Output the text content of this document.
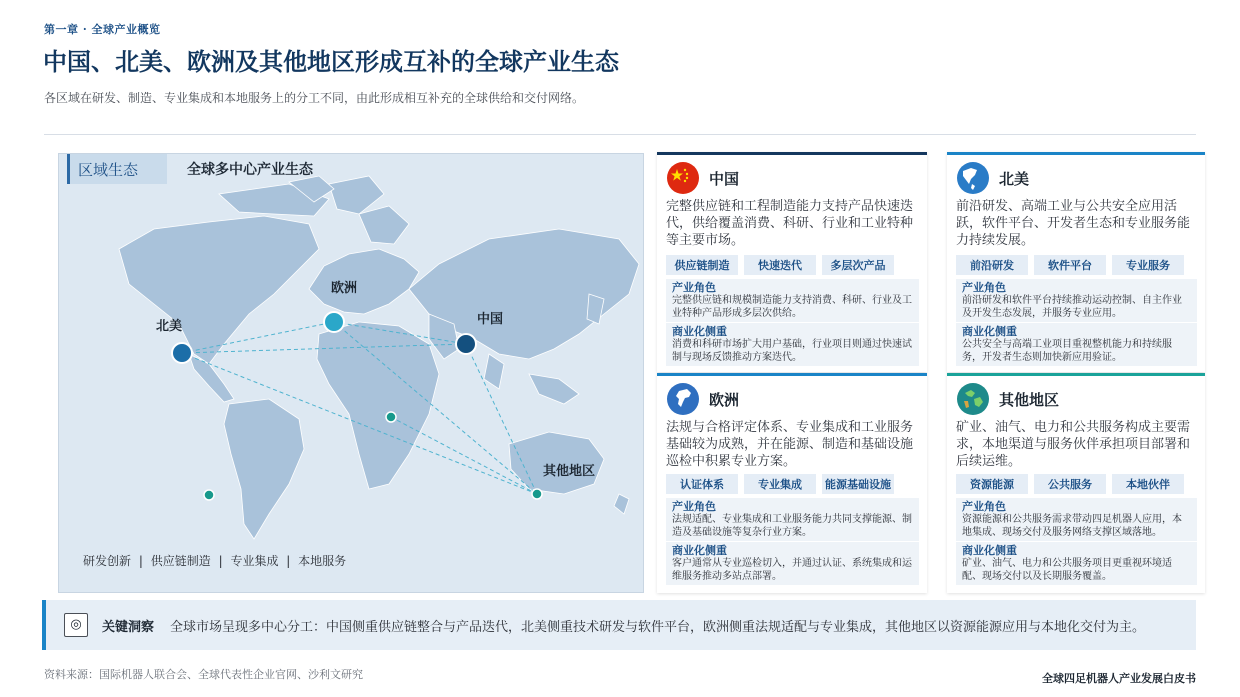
第一章 · 全球产业概览
中国、北美、欧洲及其他地区形成互补的全球产业生态
各区域在研发、制造、专业集成和本地服务上的分工不同，由此形成相互补充的全球供给和交付网络。
区域生态	全球多中心产业生态
北美
欧洲
中国
其他地区
研发创新 | 供应链制造 | 专业集成 | 本地服务
中国
完整供应链和工程制造能力支持产品快速迭代，供给覆盖消费、科研、行业和工业特种等主要市场。
供应链制造	快速迭代	多层次产品
产业角色
完整供应链和规模制造能力支持消费、科研、行业及工业特种产品形成多层次供给。
商业化侧重
消费和科研市场扩大用户基础，行业项目则通过快速试制与现场反馈推动方案迭代。
北美
前沿研发、高端工业与公共安全应用活跃，软件平台、开发者生态和专业服务能力持续发展。
前沿研发	软件平台	专业服务
产业角色
前沿研发和软件平台持续推动运动控制、自主作业及开发生态发展，并服务专业应用。
商业化侧重
公共安全与高端工业项目重视整机能力和持续服务，开发者生态则加快新应用验证。
欧洲
法规与合格评定体系、专业集成和工业服务基础较为成熟，并在能源、制造和基础设施巡检中积累专业方案。
认证体系	专业集成	能源基础设施
产业角色
法规适配、专业集成和工业服务能力共同支撑能源、制造及基础设施等复杂行业方案。
商业化侧重
客户通常从专业巡检切入，并通过认证、系统集成和运维服务推动多站点部署。
其他地区
矿业、油气、电力和公共服务构成主要需求，本地渠道与服务伙伴承担项目部署和后续运维。
资源能源	公共服务	本地伙伴
产业角色
资源能源和公共服务需求带动四足机器人应用，本地集成、现场交付及服务网络支撑区域落地。
商业化侧重
矿业、油气、电力和公共服务项目更重视环境适配、现场交付以及长期服务覆盖。
◎	关键洞察 全球市场呈现多中心分工：中国侧重供应链整合与产品迭代，北美侧重技术研发与软件平台，欧洲侧重法规适配与专业集成，其他地区以资源能源应用与本地化交付为主。
资料来源：国际机器人联合会、全球代表性企业官网、沙利文研究	全球四足机器人产业发展白皮书
